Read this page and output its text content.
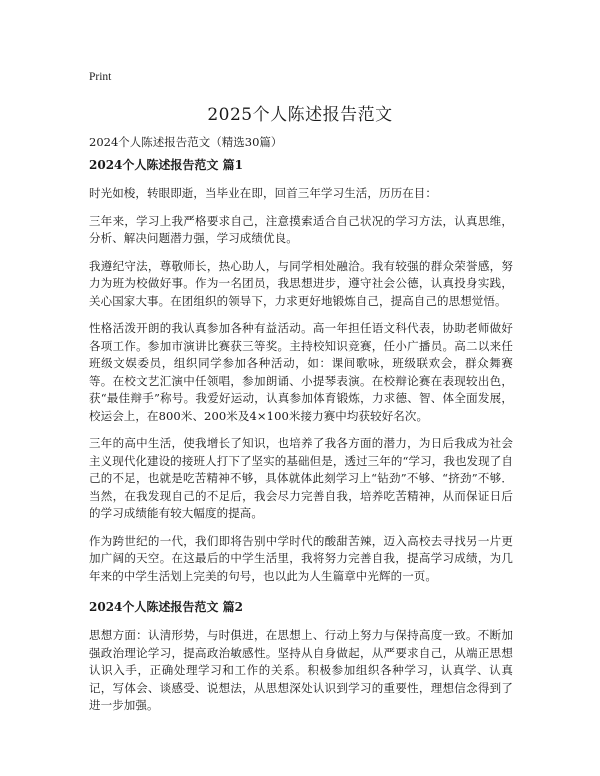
Print
2025个人陈述报告范文

2024个人陈述报告范文（精选30篇）

2024个人陈述报告范文 篇1

时光如梭，转眼即逝，当毕业在即，回首三年学习生活，历历在目：

三年来，学习上我严格要求自己，注意摸索适合自己状况的学习方法，认真思维，分析、解决问题潜力强，学习成绩优良。

我遵纪守法，尊敬师长，热心助人，与同学相处融洽。我有较强的群众荣誉感，努力为班为校做好事。作为一名团员，我思想进步，遵守社会公德，认真投身实践，关心国家大事。在团组织的领导下，力求更好地锻炼自己，提高自己的思想觉悟。

性格活泼开朗的我认真参加各种有益活动。高一年担任语文科代表，协助老师做好各项工作。参加市演讲比赛获三等奖。主持校知识竞赛，任小广播员。高二以来任班级文娱委员，组织同学参加各种活动，如：课间歌咏，班级联欢会，群众舞赛等。在校文艺汇演中任领唱，参加朗诵、小提琴表演。在校辩论赛在表现较出色，获“最佳辩手”称号。我爱好运动，认真参加体育锻炼，力求德、智、体全面发展，校运会上，在800米、200米及4×100米接力赛中均获较好名次。

三年的高中生活，使我增长了知识，也培养了我各方面的潜力，为日后我成为社会主义现代化建设的接班人打下了坚实的基础但是，透过三年的“学习，我也发现了自己的不足，也就是吃苦精神不够，具体就体此刻学习上“钻劲”不够、“挤劲”不够．当然，在我发现自己的不足后，我会尽力完善自我，培养吃苦精神，从而保证日后的学习成绩能有较大幅度的提高。

作为跨世纪的一代，我们即将告别中学时代的酸甜苦辣，迈入高校去寻找另一片更加广阔的天空。在这最后的中学生活里，我将努力完善自我，提高学习成绩，为几年来的中学生活划上完美的句号，也以此为人生篇章中光辉的一页。

2024个人陈述报告范文 篇2

思想方面：认清形势，与时俱进，在思想上、行动上努力与保持高度一致。不断加强政治理论学习，提高政治敏感性。坚持从自身做起，从严要求自己，从端正思想认识入手，正确处理学习和工作的关系。积极参加组织各种学习，认真学、认真记，写体会、谈感受、说想法，从思想深处认识到学习的重要性，理想信念得到了进一步加强。
